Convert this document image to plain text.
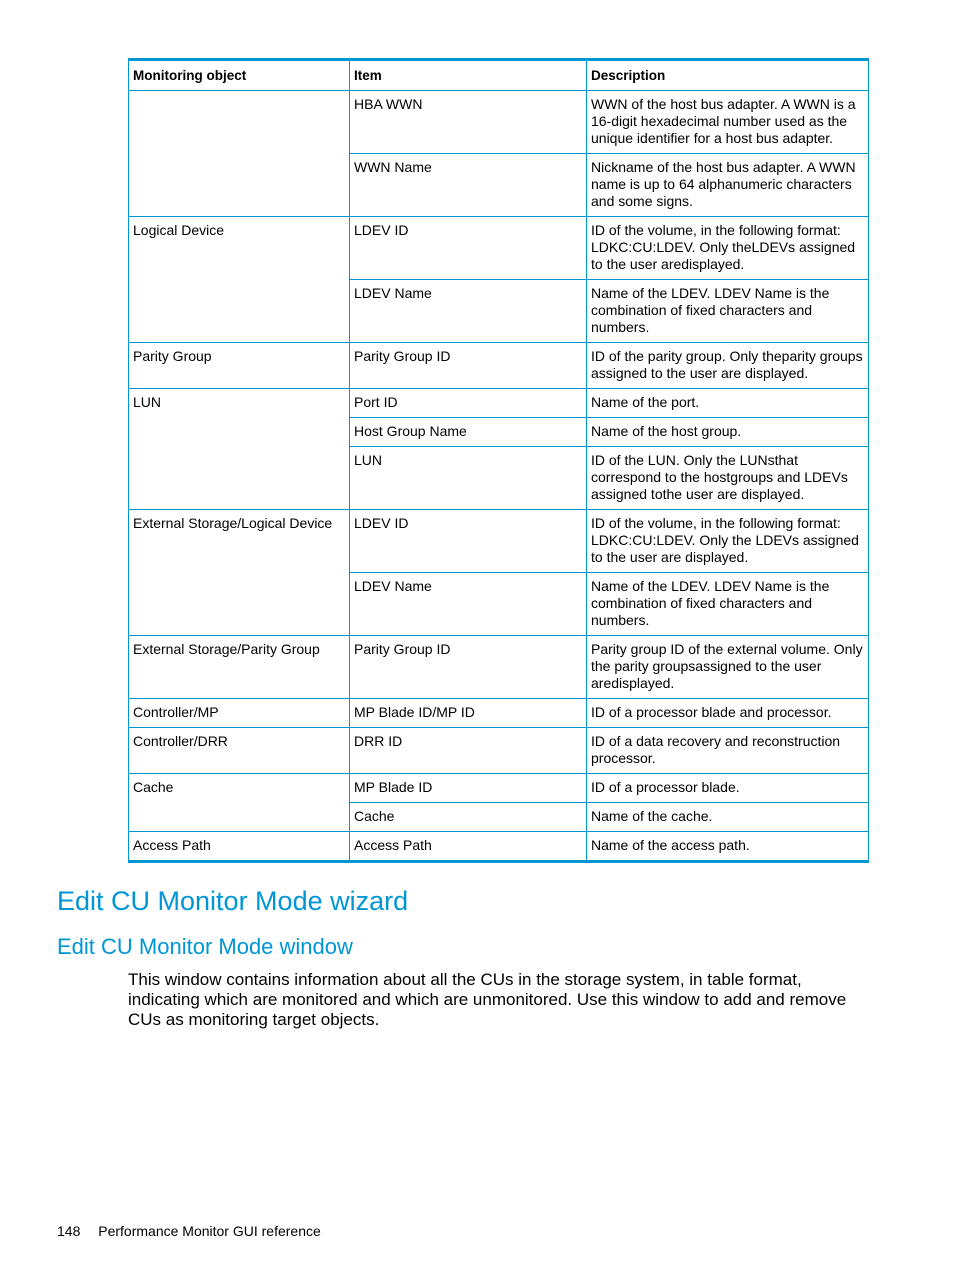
Monitoring object	Item	Description
	HBA WWN	WWN of the host bus adapter. A WWN is a 16-digit hexadecimal number used as the unique identifier for a host bus adapter.
	WWN Name	Nickname of the host bus adapter. A WWN name is up to 64 alphanumeric characters and some signs.
Logical Device	LDEV ID	ID of the volume, in the following format: LDKC:CU:LDEV. Only theLDEVs assigned to the user aredisplayed.
	LDEV Name	Name of the LDEV. LDEV Name is the combination of fixed characters and numbers.
Parity Group	Parity Group ID	ID of the parity group. Only theparity groups assigned to the user are displayed.
LUN	Port ID	Name of the port.
	Host Group Name	Name of the host group.
	LUN	ID of the LUN. Only the LUNsthat correspond to the hostgroups and LDEVs assigned tothe user are displayed.
External Storage/Logical Device	LDEV ID	ID of the volume, in the following format: LDKC:CU:LDEV. Only the LDEVs assigned to the user are displayed.
	LDEV Name	Name of the LDEV. LDEV Name is the combination of fixed characters and numbers.
External Storage/Parity Group	Parity Group ID	Parity group ID of the external volume. Only the parity groupsassigned to the user aredisplayed.
Controller/MP	MP Blade ID/MP ID	ID of a processor blade and processor.
Controller/DRR	DRR ID	ID of a data recovery and reconstruction processor.
Cache	MP Blade ID	ID of a processor blade.
	Cache	Name of the cache.
Access Path	Access Path	Name of the access path.
Edit CU Monitor Mode wizard
Edit CU Monitor Mode window

This window contains information about all the CUs in the storage system, in table format, indicating which are monitored and which are unmonitored. Use this window to add and remove CUs as monitoring target objects.

148 Performance Monitor GUI reference
